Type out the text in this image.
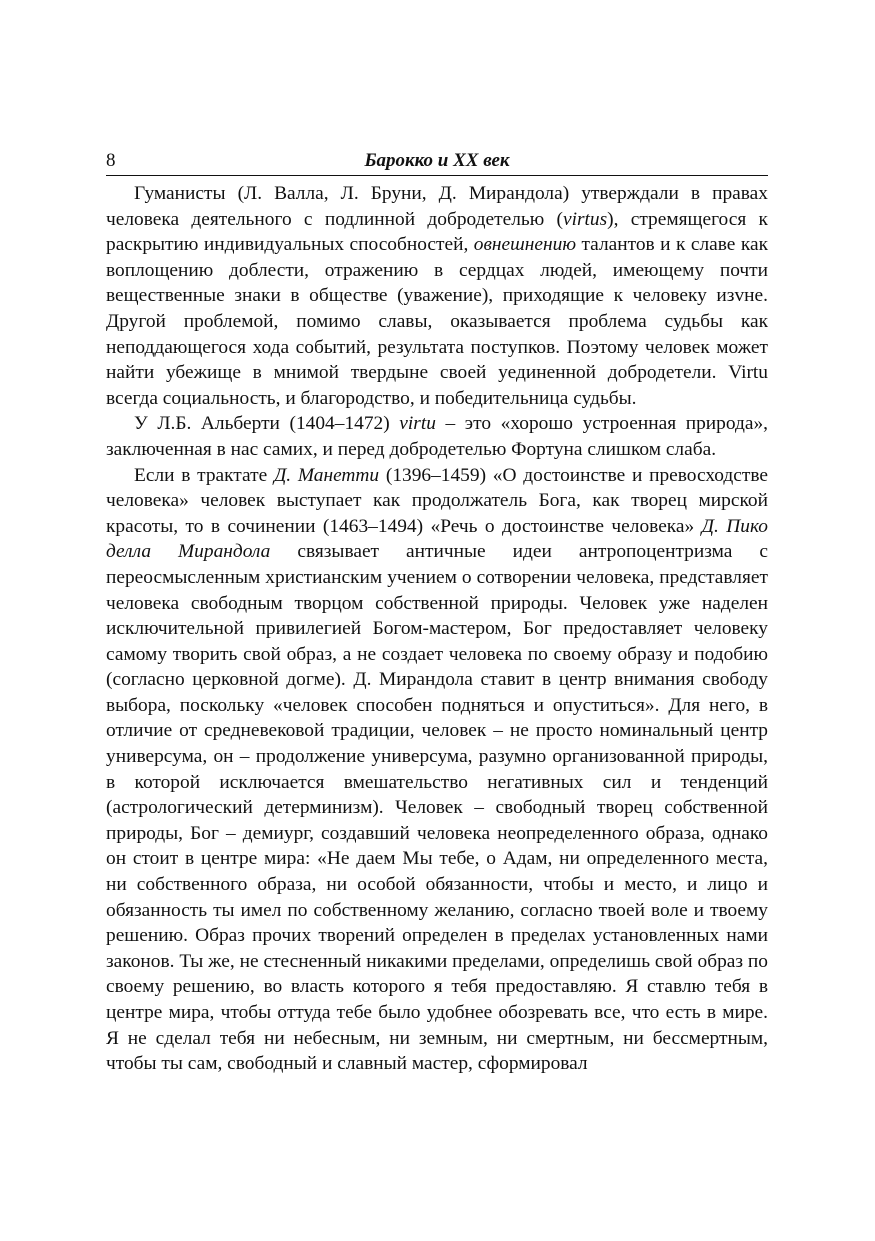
8	Барокко и XX век

Гуманисты (Л. Валла, Л. Бруни, Д. Мирандола) утверждали в правах человека деятельного с подлинной добродетелью (virtus), стремящегося к раскрытию индивидуальных способностей, овнешнению талантов и к славе как воплощению доблести, отражению в сердцах людей, имеющему почти вещественные знаки в обществе (уважение), приходящие к человеку изvне. Другой проблемой, помимо славы, оказывается проблема судьбы как неподдающегося хода событий, результата поступков. Поэтому человек может найти убежище в мнимой твердыне своей уединенной добродетели. Virtu всегда социальность, и благородство, и победительница судьбы.

У Л.Б. Альберти (1404–1472) virtu – это «хорошо устроенная природа», заключенная в нас самих, и перед добродетелью Фортуна слишком слаба.

Если в трактате Д. Манетти (1396–1459) «О достоинстве и превосходстве человека» человек выступает как продолжатель Бога, как творец мирской красоты, то в сочинении (1463–1494) «Речь о достоинстве человека» Д. Пико делла Мирандола связывает античные идеи антропоцентризма с переосмысленным христианским учением о сотворении человека, представляет человека свободным творцом собственной природы. Человек уже наделен исключительной привилегией Богом-мастером, Бог предоставляет человеку самому творить свой образ, а не создает человека по своему образу и подобию (согласно церковной догме). Д. Мирандола ставит в центр внимания свободу выбора, поскольку «человек способен подняться и опуститься». Для него, в отличие от средневековой традиции, человек – не просто номинальный центр универсума, он – продолжение универсума, разумно организованной природы, в которой исключается вмешательство негативных сил и тенденций (астрологический детерминизм). Человек – свободный творец собственной природы, Бог – демиург, создавший человека неопределенного образа, однако он стоит в центре мира: «Не даем Мы тебе, о Адам, ни определенного места, ни собственного образа, ни особой обязанности, чтобы и место, и лицо и обязанность ты имел по собственному желанию, согласно твоей воле и твоему решению. Образ прочих творений определен в пределах установленных нами законов. Ты же, не стесненный никакими пределами, определишь свой образ по своему решению, во власть которого я тебя предоставляю. Я ставлю тебя в центре мира, чтобы оттуда тебе было удобнее обозревать все, что есть в мире. Я не сделал тебя ни небесным, ни земным, ни смертным, ни бессмертным, чтобы ты сам, свободный и славный мастер, сформировал
